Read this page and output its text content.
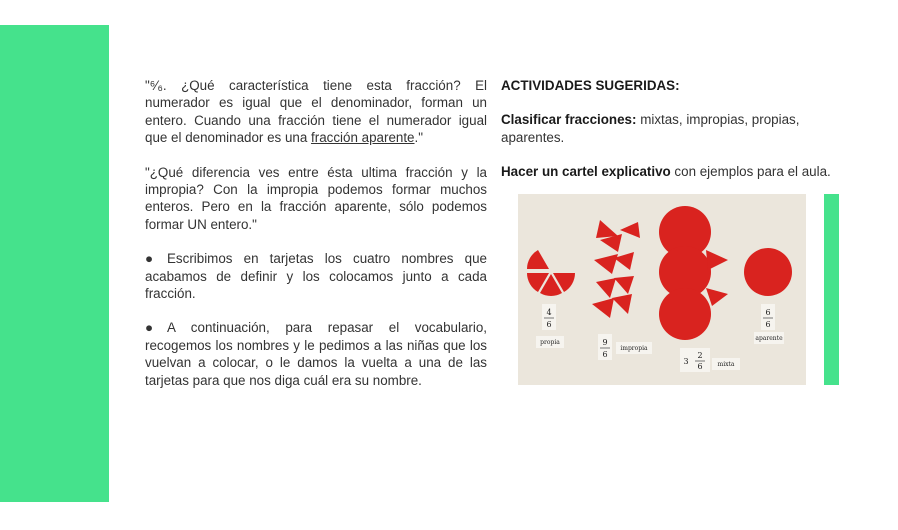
"⁶⁄₆. ¿Qué característica tiene esta fracción? El numerador es igual que el denominador, forman un entero. Cuando una fracción tiene el numerador igual que el denominador es una fracción aparente."

"¿Qué diferencia ves entre ésta ultima fracción y la impropia? Con la impropia podemos formar muchos enteros. Pero en la fracción aparente, sólo podemos formar UN entero."

● Escribimos en tarjetas los cuatro nombres que acabamos de definir y los colocamos junto a cada fracción.

● A continuación, para repasar el vocabulario, recogemos los nombres y le pedimos a las niñas que los vuelvan a colocar, o le damos la vuelta a una de las tarjetas para que nos diga cuál era su nombre.

ACTIVIDADES SUGERIDAS:

Clasificar fracciones: mixtas, impropias, propias, aparentes.

Hacer un cartel explicativo con ejemplos para el aula.

4
6
propia	9
6
impropia
3
2
6 mixta
6
6
aparente
